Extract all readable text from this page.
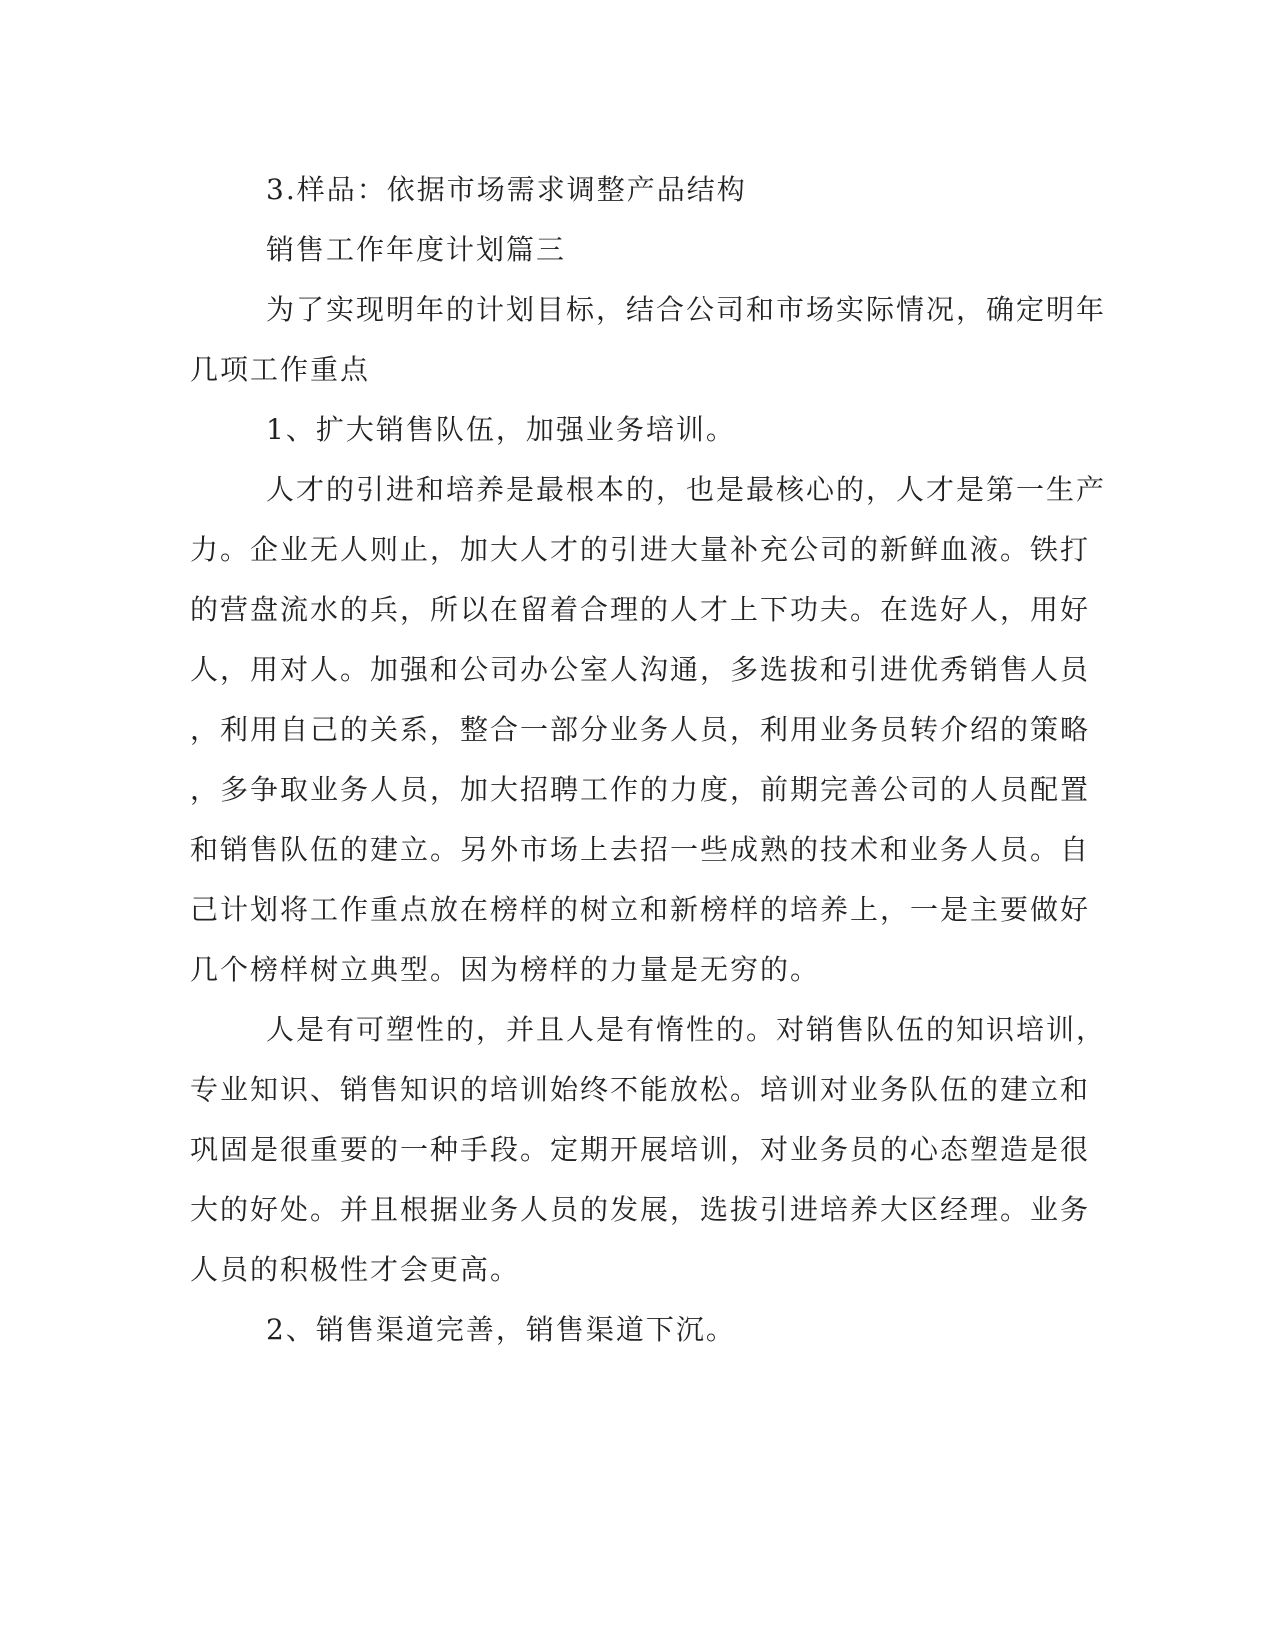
3.样品：依据市场需求调整产品结构
销售工作年度计划篇三
为了实现明年的计划目标，结合公司和市场实际情况，确定明年
几项工作重点
1、扩大销售队伍，加强业务培训。
人才的引进和培养是最根本的，也是最核心的，人才是第一生产
力。企业无人则止，加大人才的引进大量补充公司的新鲜血液。铁打
的营盘流水的兵，所以在留着合理的人才上下功夫。在选好人，用好
人，用对人。加强和公司办公室人沟通，多选拔和引进优秀销售人员
，利用自己的关系，整合一部分业务人员，利用业务员转介绍的策略
，多争取业务人员，加大招聘工作的力度，前期完善公司的人员配置
和销售队伍的建立。另外市场上去招一些成熟的技术和业务人员。自
己计划将工作重点放在榜样的树立和新榜样的培养上，一是主要做好
几个榜样树立典型。因为榜样的力量是无穷的。
人是有可塑性的，并且人是有惰性的。对销售队伍的知识培训，
专业知识、销售知识的培训始终不能放松。培训对业务队伍的建立和
巩固是很重要的一种手段。定期开展培训，对业务员的心态塑造是很
大的好处。并且根据业务人员的发展，选拔引进培养大区经理。业务
人员的积极性才会更高。
2、销售渠道完善，销售渠道下沉。
